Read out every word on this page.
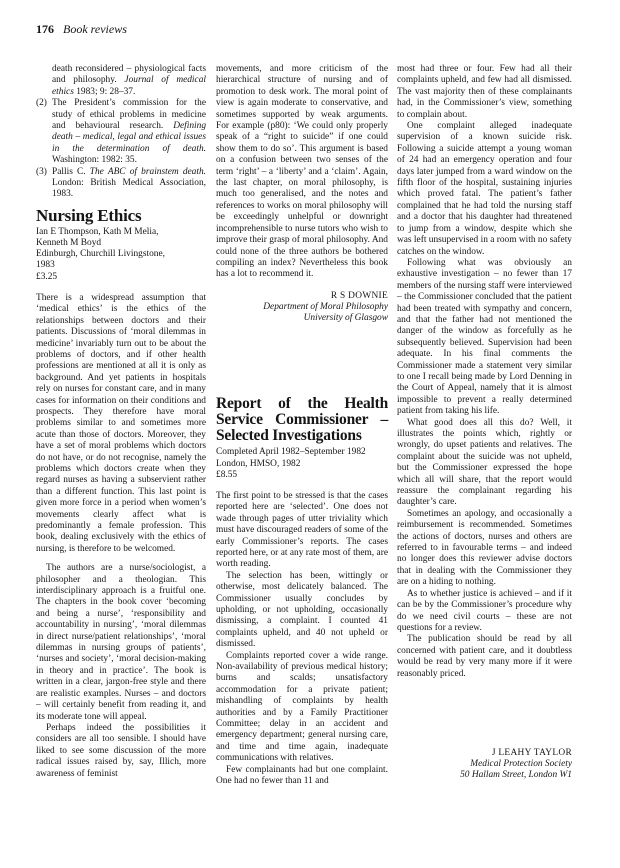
176 Book reviews
death reconsidered – physiological facts and philosophy. Journal of medical ethics 1983; 9: 28–37.
(2) The President’s commission for the study of ethical problems in medicine and behavioural research. Defining death – medical, legal and ethical issues in the determination of death. Washington: 1982: 35.
(3) Pallis C. The ABC of brainstem death. London: British Medical Association, 1983.
Nursing Ethics
Ian E Thompson, Kath M Melia,
Kenneth M Boyd
Edinburgh, Churchill Livingstone,
1983
£3.25

There is a widespread assumption that ‘medical ethics’ is the ethics of the relationships between doctors and their patients. Discussions of ‘moral dilemmas in medicine’ invariably turn out to be about the problems of doctors, and if other health professions are mentioned at all it is only as background. And yet patients in hospitals rely on nurses for constant care, and in many cases for information on their conditions and prospects. They therefore have moral problems similar to and sometimes more acute than those of doctors. Moreover, they have a set of moral problems which doctors do not have, or do not recognise, namely the problems which doctors create when they regard nurses as having a subservient rather than a different function. This last point is given more force in a period when women’s movements clearly affect what is predominantly a female profession. This book, dealing exclusively with the ethics of nursing, is therefore to be welcomed.

The authors are a nurse/sociologist, a philosopher and a theologian. This interdisciplinary approach is a fruitful one. The chapters in the book cover ‘becoming and being a nurse’, ‘responsibility and accountability in nursing’, ‘moral dilemmas in direct nurse/patient relationships’, ‘moral dilemmas in nursing groups of patients’, ‘nurses and society’, ‘moral decision-making in theory and in practice’. The book is written in a clear, jargon-free style and there are realistic examples. Nurses – and doctors – will certainly benefit from reading it, and its moderate tone will appeal.

Perhaps indeed the possibilities it considers are all too sensible. I should have liked to see some discussion of the more radical issues raised by, say, Illich, more awareness of feminist

movements, and more criticism of the hierarchical structure of nursing and of promotion to desk work. The moral point of view is again moderate to conservative, and sometimes supported by weak arguments. For example (p80): ‘We could only properly speak of a “right to suicide” if one could show them to do so’. This argument is based on a confusion between two senses of the term ‘right’ – a ‘liberty’ and a ‘claim’. Again, the last chapter, on moral philosophy, is much too generalised, and the notes and references to works on moral philosophy will be exceedingly unhelpful or downright incomprehensible to nurse tutors who wish to improve their grasp of moral philosophy. And could none of the three authors be bothered compiling an index? Nevertheless this book has a lot to recommend it.

R S DOWNIE
Department of Moral Philosophy
University of Glasgow
Report of the Health Service Commissioner – Selected Investigations
Completed April 1982–September 1982
London, HMSO, 1982
£8.55

The first point to be stressed is that the cases reported here are ‘selected’. One does not wade through pages of utter triviality which must have discouraged readers of some of the early Commissioner’s reports. The cases reported here, or at any rate most of them, are worth reading.

The selection has been, wittingly or otherwise, most delicately balanced. The Commissioner usually concludes by upholding, or not upholding, occasionally dismissing, a complaint. I counted 41 complaints upheld, and 40 not upheld or dismissed.

Complaints reported cover a wide range. Non-availability of previous medical history; burns and scalds; unsatisfactory accommodation for a private patient; mishandling of complaints by health authorities and by a Family Practitioner Committee; delay in an accident and emergency department; general nursing care, and time and time again, inadequate communications with relatives.

Few complainants had but one complaint. One had no fewer than 11 and

most had three or four. Few had all their complaints upheld, and few had all dismissed. The vast majority then of these complainants had, in the Commissioner’s view, something to complain about.

One complaint alleged inadequate supervision of a known suicide risk. Following a suicide attempt a young woman of 24 had an emergency operation and four days later jumped from a ward window on the fifth floor of the hospital, sustaining injuries which proved fatal. The patient’s father complained that he had told the nursing staff and a doctor that his daughter had threatened to jump from a window, despite which she was left unsupervised in a room with no safety catches on the window.

Following what was obviously an exhaustive investigation – no fewer than 17 members of the nursing staff were interviewed – the Commissioner concluded that the patient had been treated with sympathy and concern, and that the father had not mentioned the danger of the window as forcefully as he subsequently believed. Supervision had been adequate. In his final comments the Commissioner made a statement very similar to one I recall being made by Lord Denning in the Court of Appeal, namely that it is almost impossible to prevent a really determined patient from taking his life.

What good does all this do? Well, it illustrates the points which, rightly or wrongly, do upset patients and relatives. The complaint about the suicide was not upheld, but the Commissioner expressed the hope which all will share, that the report would reassure the complainant regarding his daughter’s care.

Sometimes an apology, and occasionally a reimbursement is recommended. Sometimes the actions of doctors, nurses and others are referred to in favourable terms – and indeed no longer does this reviewer advise doctors that in dealing with the Commissioner they are on a hiding to nothing.

As to whether justice is achieved – and if it can be by the Commissioner’s procedure why do we need civil courts – these are not questions for a review.

The publication should be read by all concerned with patient care, and it doubtless would be read by very many more if it were reasonably priced.

J LEAHY TAYLOR
Medical Protection Society
50 Hallam Street, London W1
